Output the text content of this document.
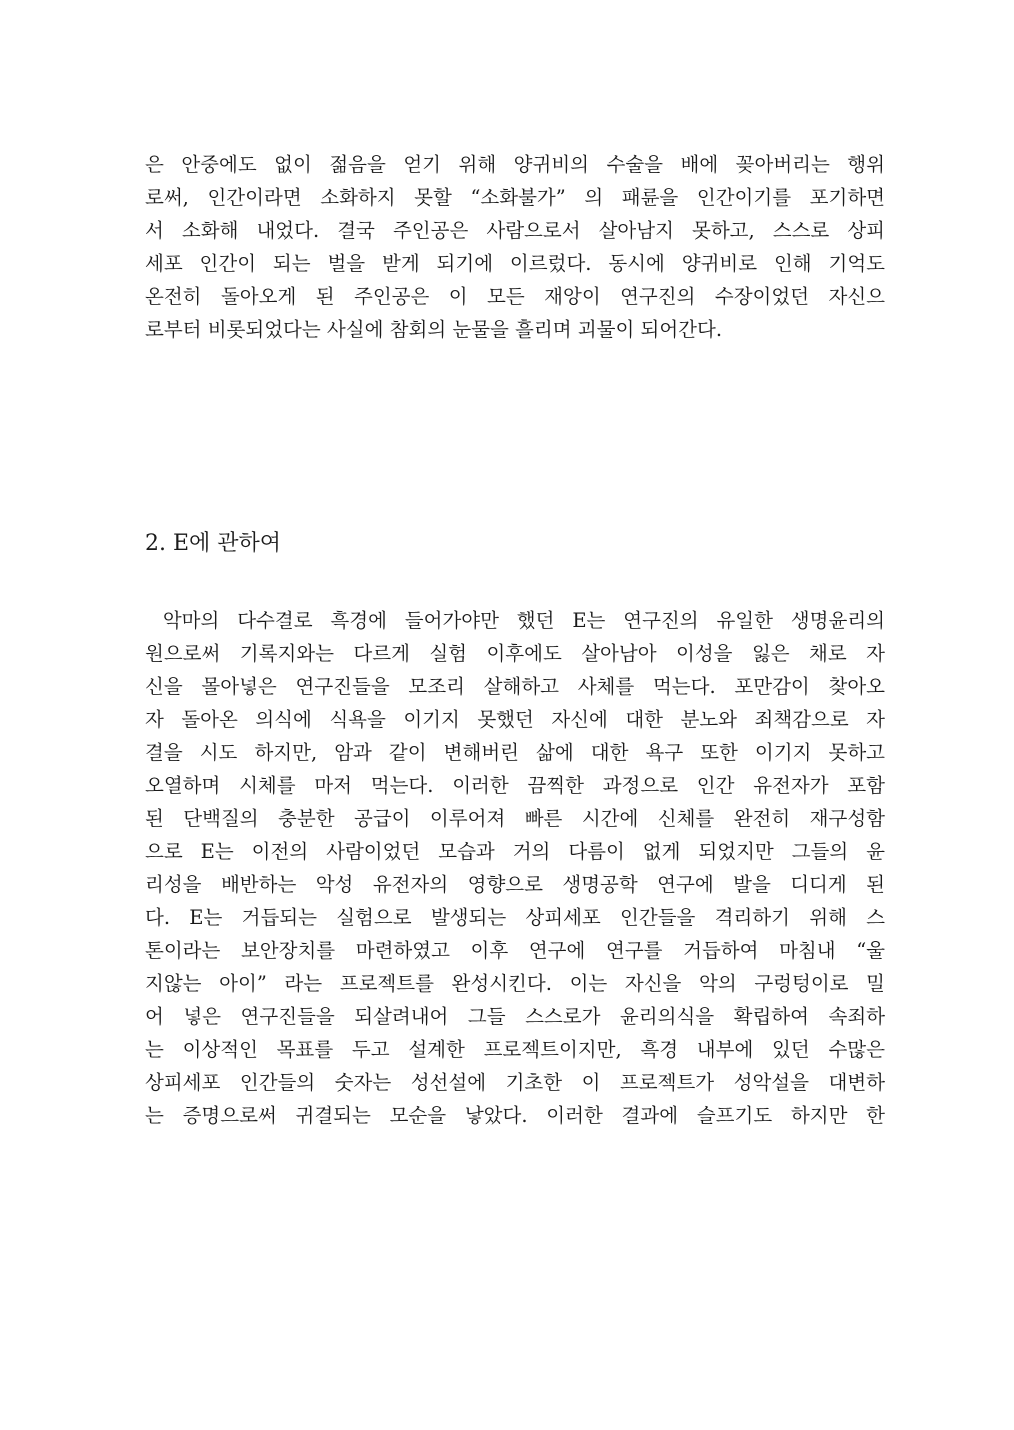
은 안중에도 없이 젊음을 얻기 위해 양귀비의 수술을 배에 꽂아버리는 행위
로써, 인간이라면 소화하지 못할 “소화불가” 의 패륜을 인간이기를 포기하면
서 소화해 내었다. 결국 주인공은 사람으로서 살아남지 못하고, 스스로 상피
세포 인간이 되는 벌을 받게 되기에 이르렀다. 동시에 양귀비로 인해 기억도
온전히 돌아오게 된 주인공은 이 모든 재앙이 연구진의 수장이었던 자신으
로부터 비롯되었다는 사실에 참회의 눈물을 흘리며 괴물이 되어간다.
2. E에 관하여
악마의 다수결로 흑경에 들어가야만 했던 E는 연구진의 유일한 생명윤리의
원으로써 기록지와는 다르게 실험 이후에도 살아남아 이성을 잃은 채로 자
신을 몰아넣은 연구진들을 모조리 살해하고 사체를 먹는다. 포만감이 찾아오
자 돌아온 의식에 식욕을 이기지 못했던 자신에 대한 분노와 죄책감으로 자
결을 시도 하지만, 암과 같이 변해버린 삶에 대한 욕구 또한 이기지 못하고
오열하며 시체를 마저 먹는다. 이러한 끔찍한 과정으로 인간 유전자가 포함
된 단백질의 충분한 공급이 이루어져 빠른 시간에 신체를 완전히 재구성함
으로 E는 이전의 사람이었던 모습과 거의 다름이 없게 되었지만 그들의 윤
리성을 배반하는 악성 유전자의 영향으로 생명공학 연구에 발을 디디게 된
다. E는 거듭되는 실험으로 발생되는 상피세포 인간들을 격리하기 위해 스
톤이라는 보안장치를 마련하였고 이후 연구에 연구를 거듭하여 마침내 “울
지않는 아이” 라는 프로젝트를 완성시킨다. 이는 자신을 악의 구렁텅이로 밀
어 넣은 연구진들을 되살려내어 그들 스스로가 윤리의식을 확립하여 속죄하
는 이상적인 목표를 두고 설계한 프로젝트이지만, 흑경 내부에 있던 수많은
상피세포 인간들의 숫자는 성선설에 기초한 이 프로젝트가 성악설을 대변하
는 증명으로써 귀결되는 모순을 낳았다. 이러한 결과에 슬프기도 하지만 한
